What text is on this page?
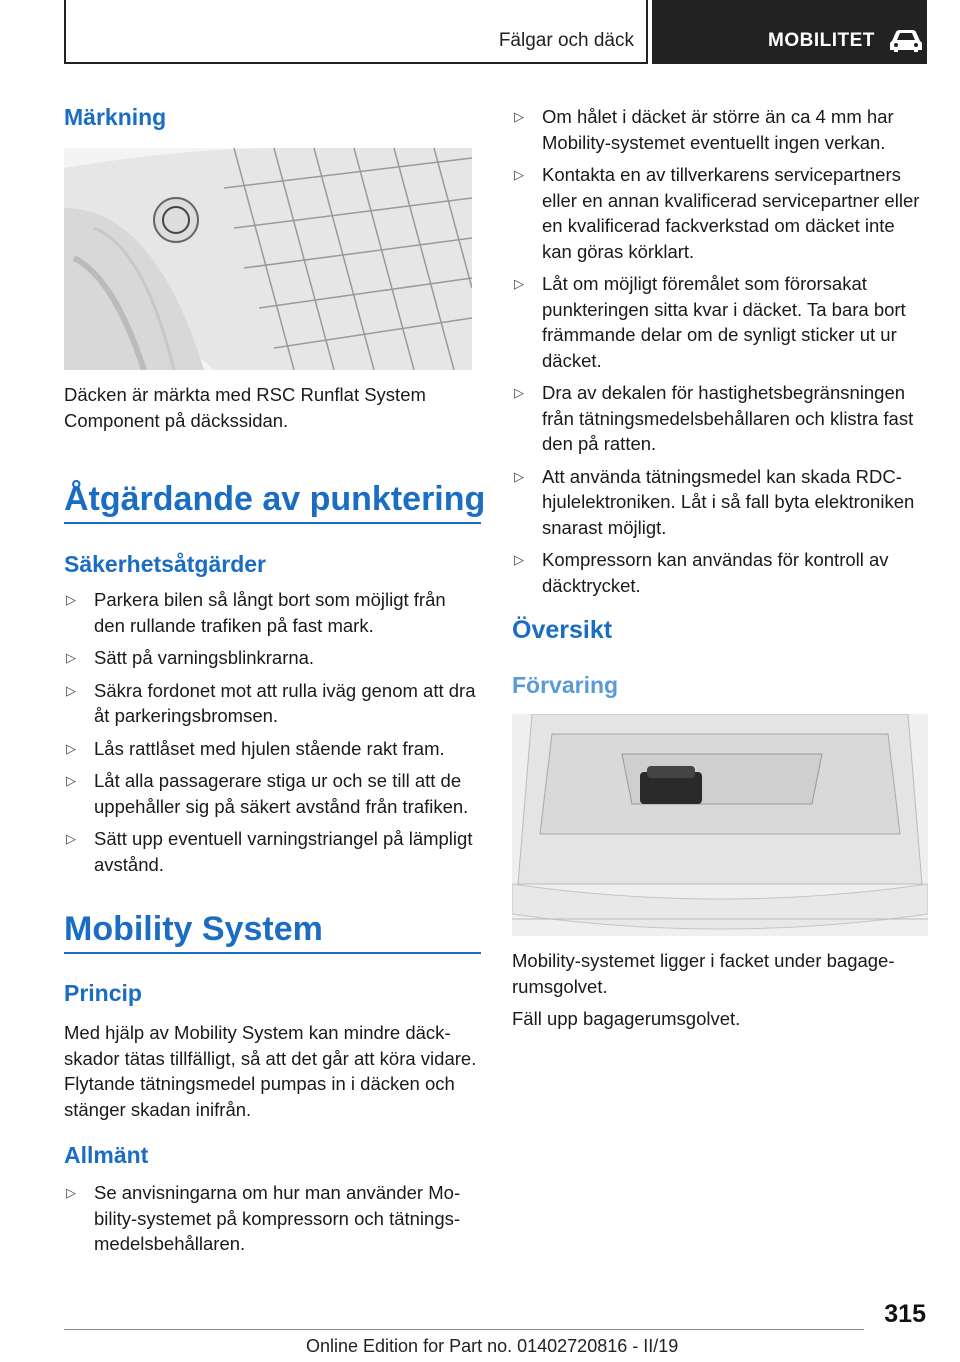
Fälgar och däck	MOBILITET
Märkning

Däcken är märkta med RSC Runflat System Component på däckssidan.

Åtgärdande av punktering
Säkerhetsåtgärder
▷ Parkera bilen så långt bort som möjligt från den rullande trafiken på fast mark.
▷ Sätt på varningsblinkrarna.
▷ Säkra fordonet mot att rulla iväg genom att dra åt parkeringsbromsen.
▷ Lås rattlåset med hjulen stående rakt fram.
▷ Låt alla passagerare stiga ur och se till att de uppehåller sig på säkert avstånd från trafiken.
▷ Sätt upp eventuell varningstriangel på lämpligt avstånd.
Mobility System
Princip

Med hjälp av Mobility System kan mindre däckskador tätas tillfälligt, så att det går att köra vidare. Flytande tätningsmedel pumpas in i däcken och stänger skadan inifrån.

Allmänt
▷ Se anvisningarna om hur man använder Mobility-systemet på kompressorn och tätningsmedelsbehållaren.
▷ Om hålet i däcket är större än ca 4 mm har Mobility-systemet eventuellt ingen verkan.
▷ Kontakta en av tillverkarens servicepartners eller en annan kvalificerad servicepartner eller en kvalificerad fackverkstad om däcket inte kan göras körklart.
▷ Låt om möjligt föremålet som förorsakat punkteringen sitta kvar i däcket. Ta bara bort främmande delar om de synligt sticker ut ur däcket.
▷ Dra av dekalen för hastighetsbegränsningen från tätningsmedelsbehållaren och klistra fast den på ratten.
▷ Att använda tätningsmedel kan skada RDC-hjulelektroniken. Låt i så fall byta elektroniken snarast möjligt.
▷ Kompressorn kan användas för kontroll av däcktrycket.
Översikt
Förvaring

Mobility-systemet ligger i facket under bagagerumsgolvet.

Fäll upp bagagerumsgolvet.

315
Online Edition for Part no. 01402720816 - II/19
